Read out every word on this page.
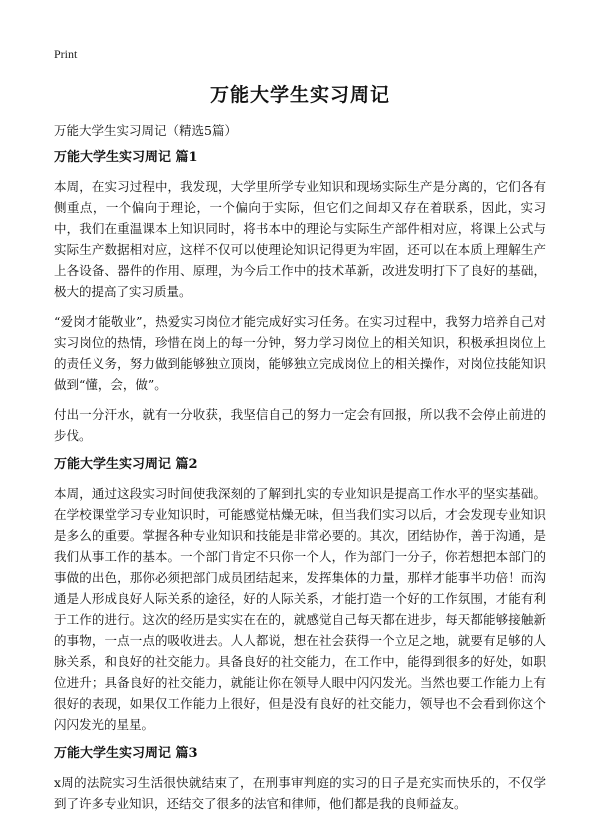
Print
万能大学生实习周记
万能大学生实习周记（精选5篇）
万能大学生实习周记 篇1

本周，在实习过程中，我发现，大学里所学专业知识和现场实际生产是分离的，它们各有侧重点，一个偏向于理论，一个偏向于实际，但它们之间却又存在着联系，因此，实习中，我们在重温课本上知识同时，将书本中的理论与实际生产部件相对应，将课上公式与实际生产数据相对应，这样不仅可以使理论知识记得更为牢固，还可以在本质上理解生产上各设备、器件的作用、原理，为今后工作中的技术革新，改进发明打下了良好的基础，极大的提高了实习质量。

“爱岗才能敬业”，热爱实习岗位才能完成好实习任务。在实习过程中，我努力培养自己对实习岗位的热情，珍惜在岗上的每一分钟，努力学习岗位上的相关知识，积极承担岗位上的责任义务，努力做到能够独立顶岗，能够独立完成岗位上的相关操作，对岗位技能知识做到“懂，会，做”。

付出一分汗水，就有一分收获，我坚信自己的努力一定会有回报，所以我不会停止前进的步伐。

万能大学生实习周记 篇2

本周，通过这段实习时间使我深刻的了解到扎实的专业知识是提高工作水平的坚实基础。在学校课堂学习专业知识时，可能感觉枯燥无味，但当我们实习以后，才会发现专业知识是多么的重要。掌握各种专业知识和技能是非常必要的。其次，团结协作，善于沟通，是我们从事工作的基本。一个部门肯定不只你一个人，作为部门一分子，你若想把本部门的事做的出色，那你必须把部门成员团结起来，发挥集体的力量，那样才能事半功倍！而沟通是人形成良好人际关系的途径，好的人际关系，才能打造一个好的工作氛围，才能有利于工作的进行。这次的经历是实实在在的，就感觉自己每天都在进步，每天都能够接触新的事物，一点一点的吸收进去。人人都说，想在社会获得一个立足之地，就要有足够的人脉关系，和良好的社交能力。具备良好的社交能力，在工作中，能得到很多的好处，如职位进升；具备良好的社交能力，就能让你在领导人眼中闪闪发光。当然也要工作能力上有很好的表现，如果仅工作能力上很好，但是没有良好的社交能力，领导也不会看到你这个闪闪发光的星星。

万能大学生实习周记 篇3

x周的法院实习生活很快就结束了，在刑事审判庭的实习的日子是充实而快乐的，不仅学到了许多专业知识，还结交了很多的法官和律师，他们都是我的良师益友。
